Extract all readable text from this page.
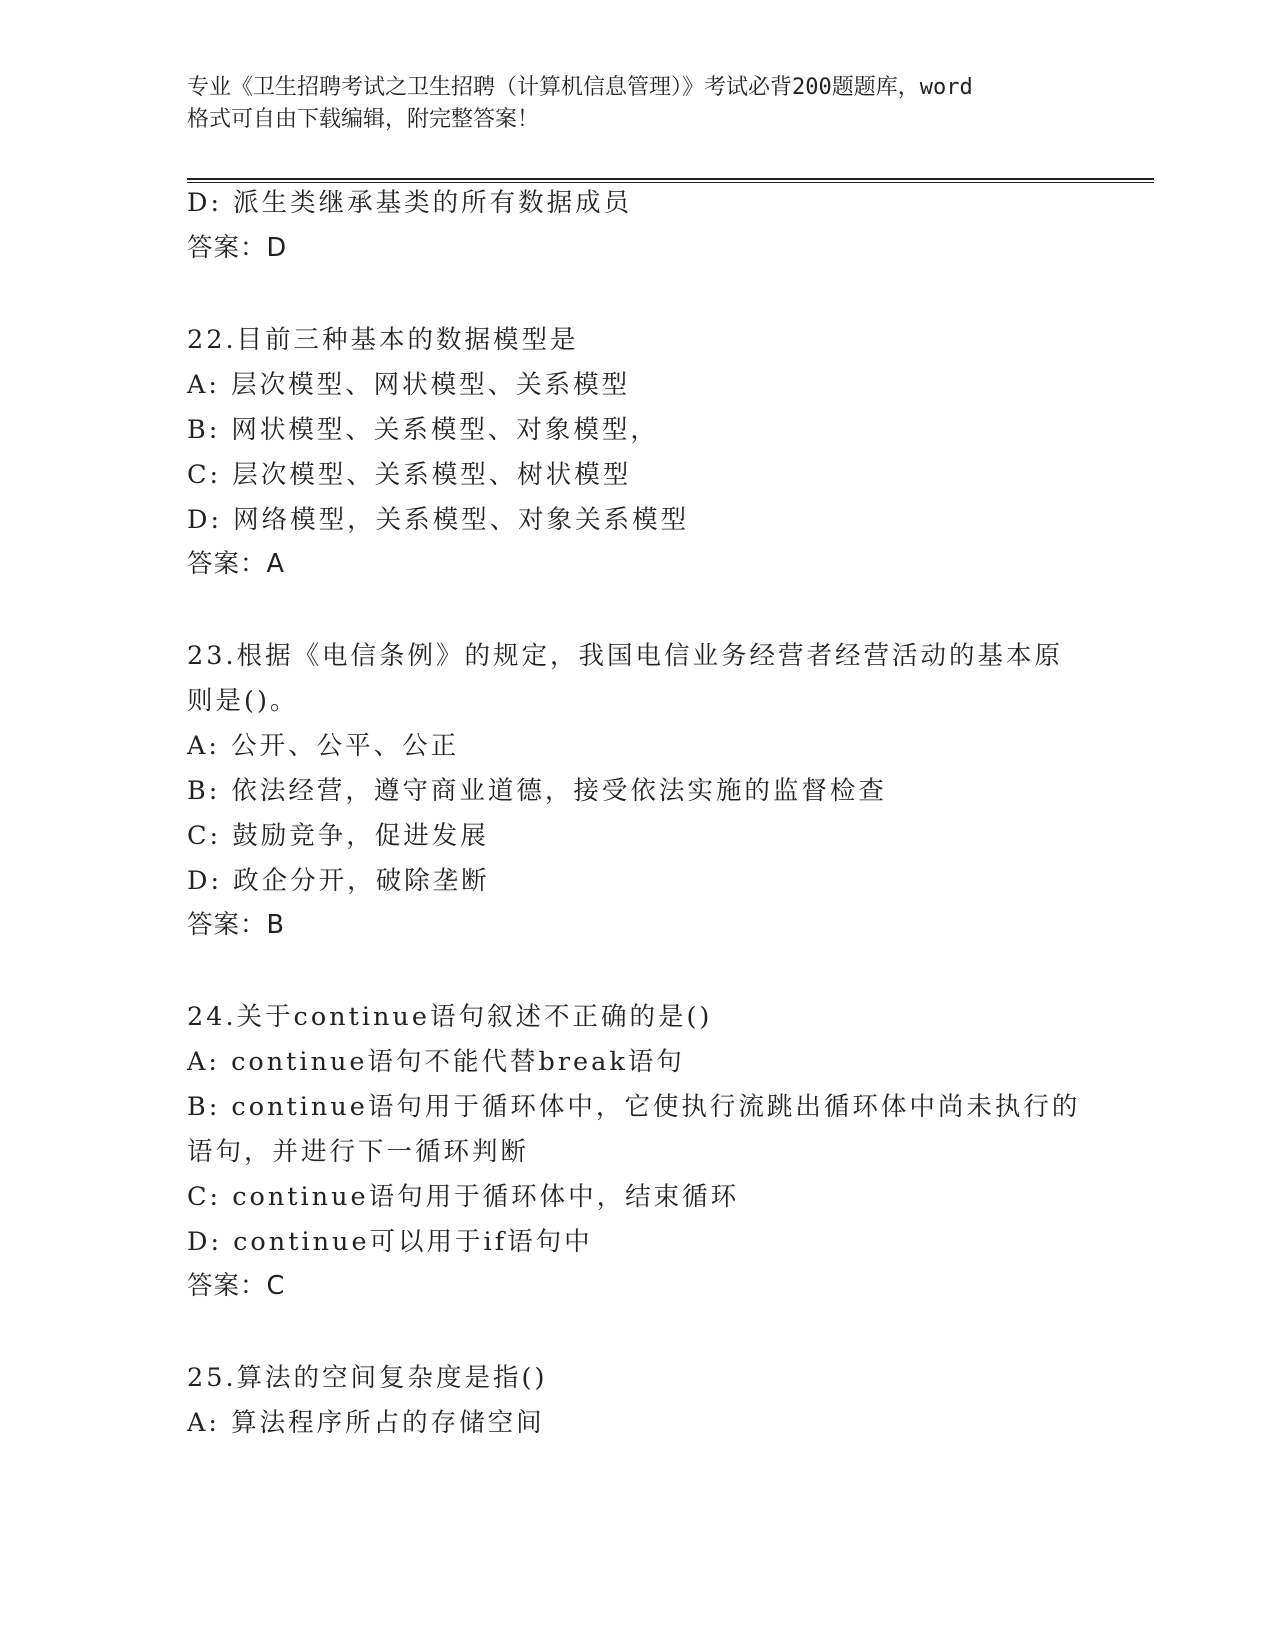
专业《卫生招聘考试之卫生招聘（计算机信息管理）》考试必背200题题库，word
格式可自由下载编辑，附完整答案！
D: 派生类继承基类的所有数据成员
答案：D
22.目前三种基本的数据模型是
A: 层次模型、网状模型、关系模型
B: 网状模型、关系模型、对象模型，
C: 层次模型、关系模型、树状模型
D: 网络模型，关系模型、对象关系模型
答案：A
23.根据《电信条例》的规定，我国电信业务经营者经营活动的基本原
则是()。
A: 公开、公平、公正
B: 依法经营，遵守商业道德，接受依法实施的监督检查
C: 鼓励竞争，促进发展
D: 政企分开，破除垄断
答案：B
24.关于continue语句叙述不正确的是()
A: continue语句不能代替break语句
B: continue语句用于循环体中，它使执行流跳出循环体中尚未执行的
语句，并进行下一循环判断
C: continue语句用于循环体中，结束循环
D: continue可以用于if语句中
答案：C
25.算法的空间复杂度是指()
A: 算法程序所占的存储空间
